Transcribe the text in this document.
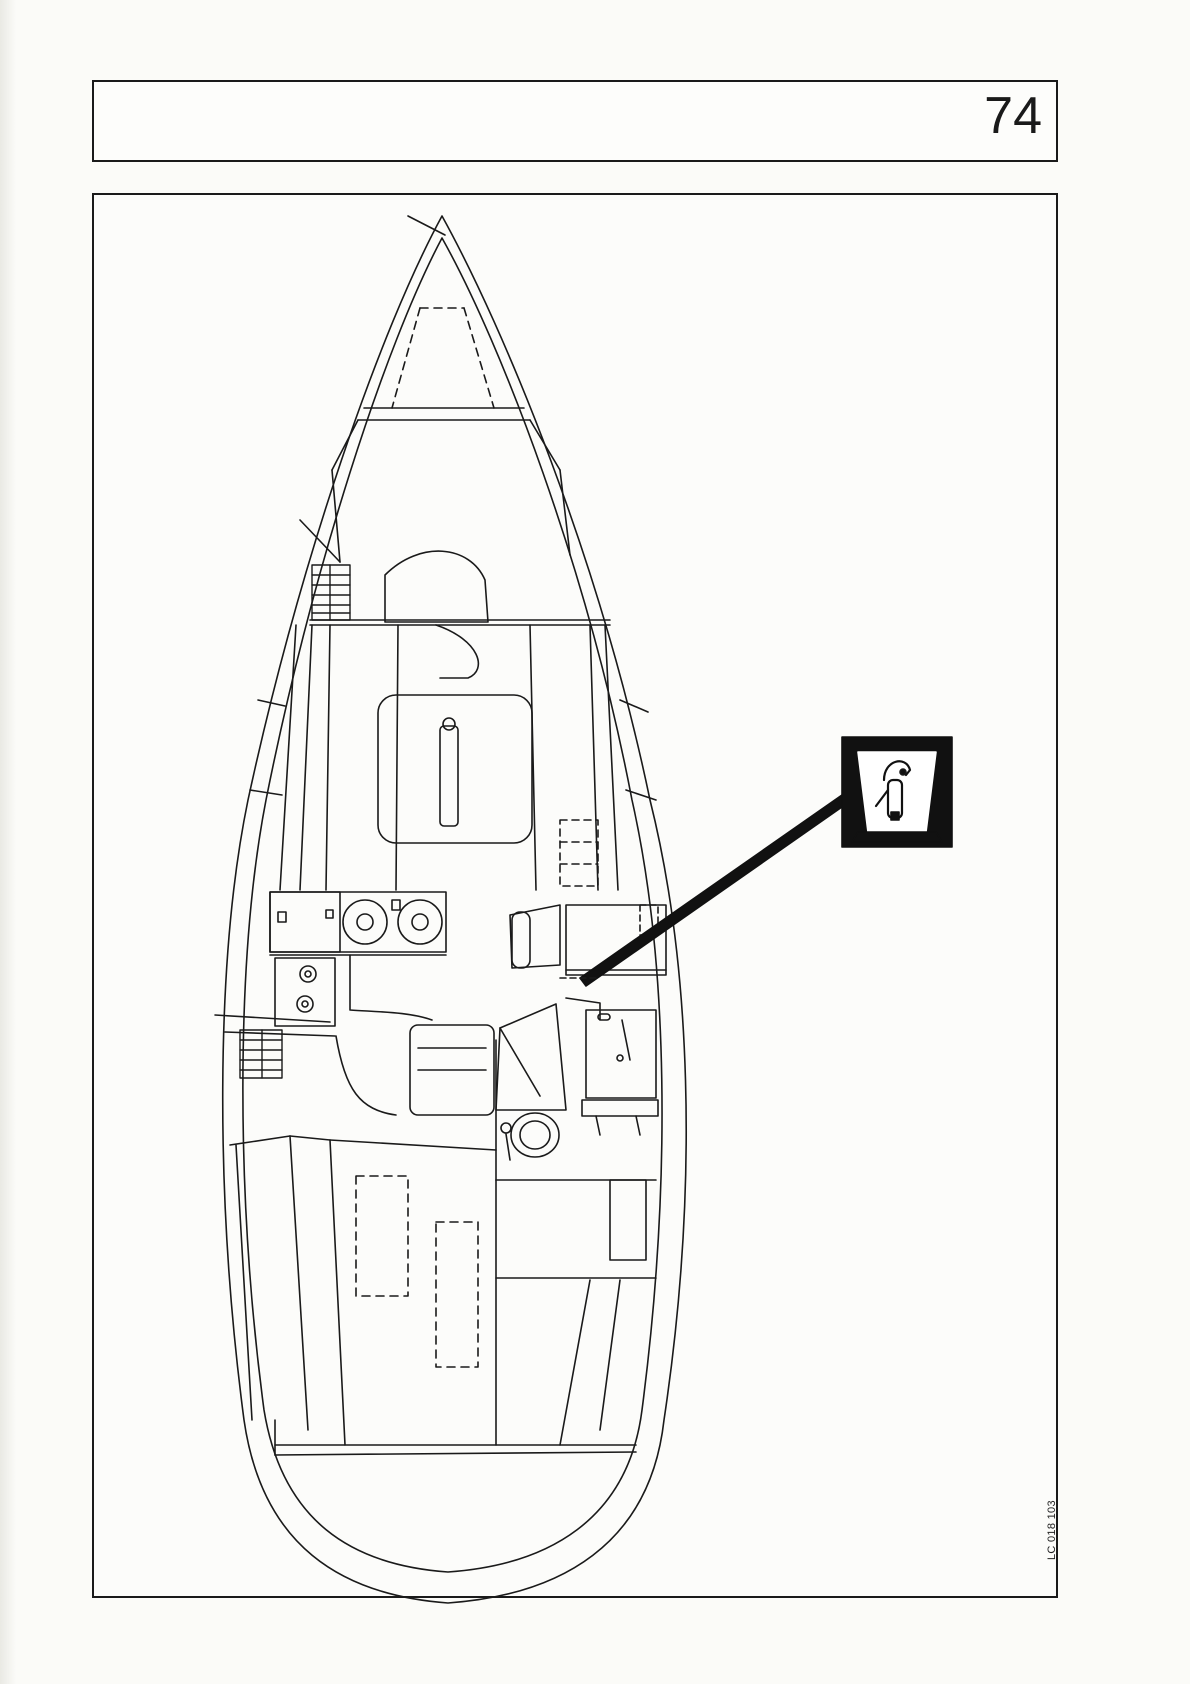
74
LC 018 103
